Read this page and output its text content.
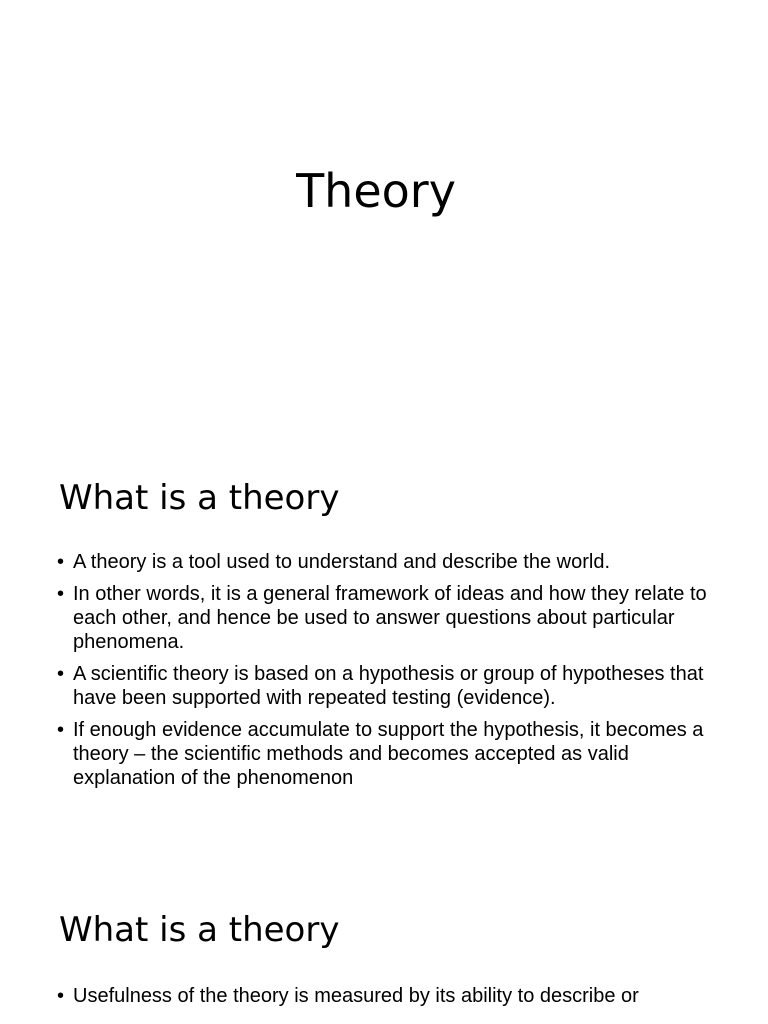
Theory
What is a theory
• A theory is a tool used to understand and describe the world.
• In other words, it is a general framework of ideas and how they relate to each other, and hence be used to answer questions about particular phenomena.
• A scientific theory is based on a hypothesis or group of hypotheses that have been supported with repeated testing (evidence).
• If enough evidence accumulate to support the hypothesis, it becomes a theory – the scientific methods and becomes accepted as valid explanation of the phenomenon
What is a theory
• Usefulness of the theory is measured by its ability to describe or
